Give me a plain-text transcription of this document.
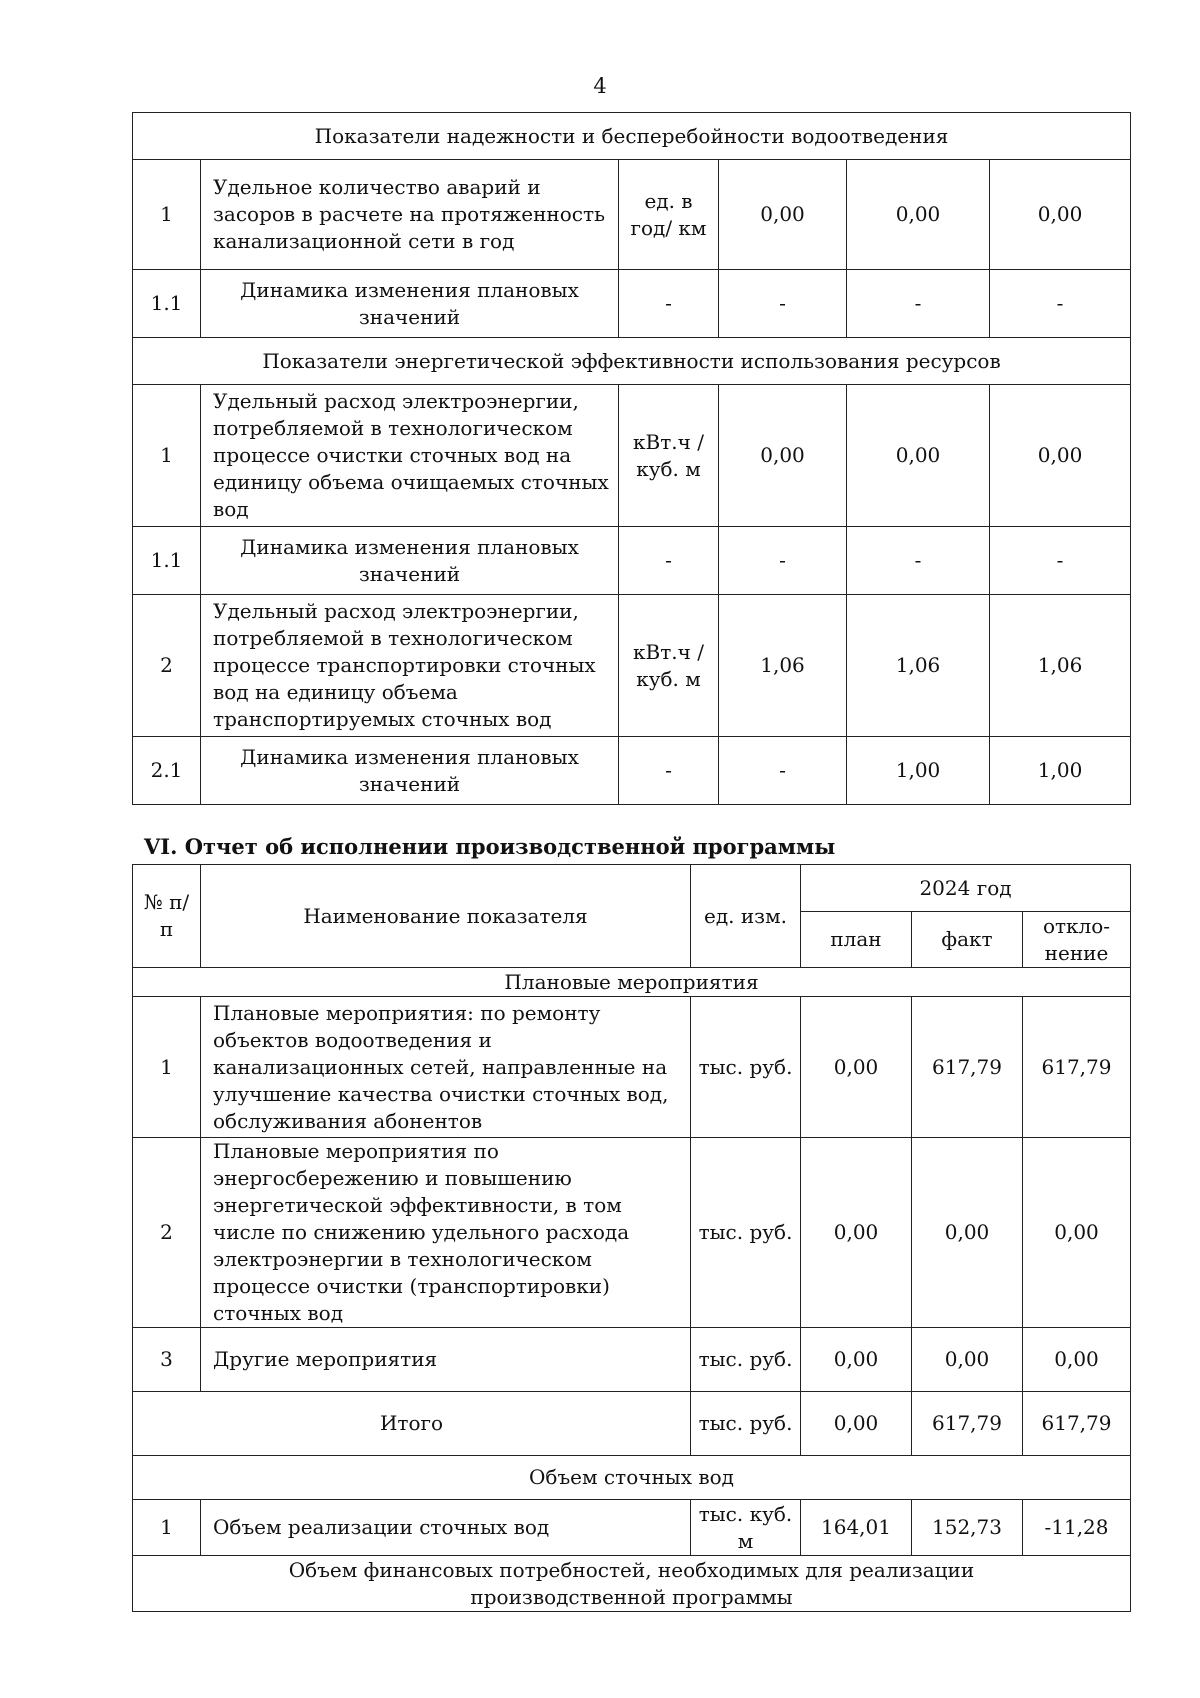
4
Показатели надежности и бесперебойности водоотведения					
1	Удельное количество аварий и засоров в расчете на протяженность канализационной сети в год	ед. в год/ км	0,00	0,00	0,00
1.1	Динамика изменения плановых значений	-	-	-	-
Показатели энергетической эффективности использования ресурсов					
1	Удельный расход электроэнергии, потребляемой в технологическом процессе очистки сточных вод на единицу объема очищаемых сточных вод	кВт.ч / куб. м	0,00	0,00	0,00
1.1	Динамика изменения плановых значений	-	-	-	-
2	Удельный расход электроэнергии, потребляемой в технологическом процессе транспортировки сточных вод на единицу объема транспортируемых сточных вод	кВт.ч / куб. м	1,06	1,06	1,06
2.1	Динамика изменения плановых значений	-	-	1,00	1,00
VI. Отчет об исполнении производственной программы
№ п/п	Наименование показателя	ед. изм.	2024 год		
			план	факт	откло-нение
Плановые мероприятия					
1	Плановые мероприятия: по ремонту объектов водоотведения и канализационных сетей, направленные на улучшение качества очистки сточных вод, обслуживания абонентов	тыс. руб.	0,00	617,79	617,79
2	Плановые мероприятия по энергосбережению и повышению энергетической эффективности, в том числе по снижению удельного расхода электроэнергии в технологическом процессе очистки (транспортировки) сточных вод	тыс. руб.	0,00	0,00	0,00
3	Другие мероприятия	тыс. руб.	0,00	0,00	0,00
Итого		тыс. руб.	0,00	617,79	617,79
Объем сточных вод					
1	Объем реализации сточных вод	тыс. куб. м	164,01	152,73	-11,28
Объем финансовых потребностей, необходимых для реализации производственной программы					
